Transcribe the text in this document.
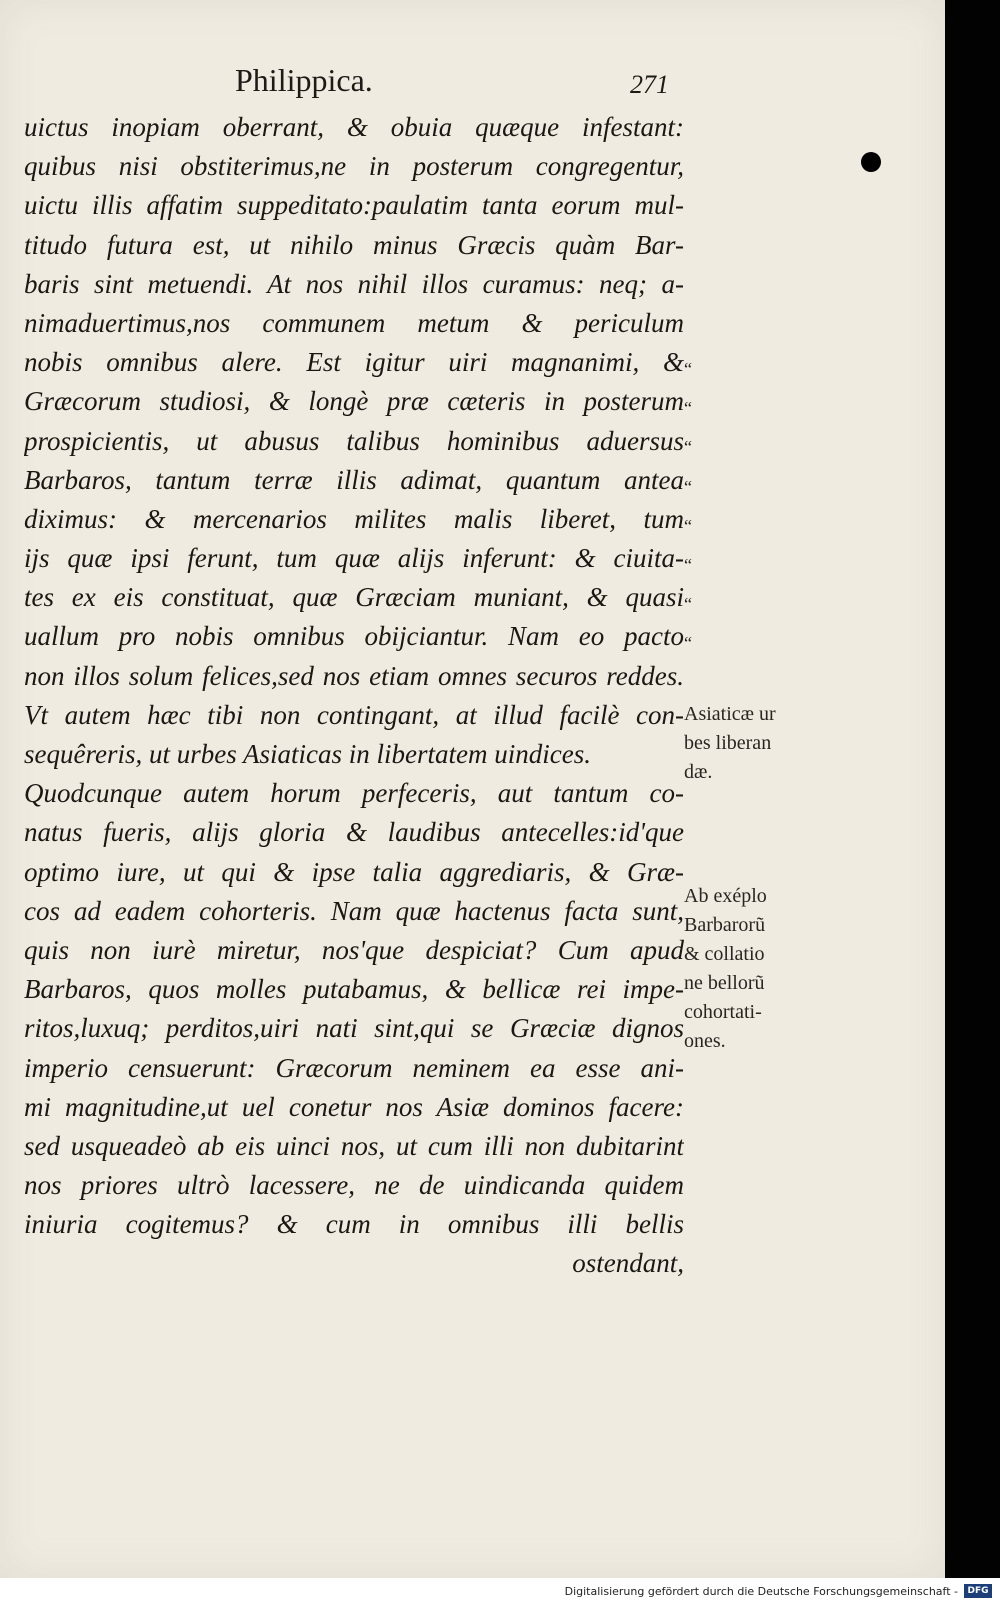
Philippica.	271
uictus inopiam oberrant, & obuia quæque infestant:
quibus nisi obstiterimus,ne in posterum congregentur,
uictu illis affatim suppeditato:paulatim tanta eorum mul-
titudo futura est, ut nihilo minus Græcis quàm Bar-
baris sint metuendi. At nos nihil illos curamus: neq; a-
nimaduertimus,nos communem metum & periculum
nobis omnibus alere. Est igitur uiri magnanimi, &
Græcorum studiosi, & longè præ cæteris in posterum
prospicientis, ut abusus talibus hominibus aduersus
Barbaros, tantum terræ illis adimat, quantum antea
diximus: & mercenarios milites malis liberet, tum
ijs quæ ipsi ferunt, tum quæ alijs inferunt: & ciuita-
tes ex eis constituat, quæ Græciam muniant, & quasi
uallum pro nobis omnibus obijciantur. Nam eo pacto
non illos solum felices,sed nos etiam omnes securos reddes.
Vt autem hæc tibi non contingant, at illud facilè con-
sequêreris, ut urbes Asiaticas in libertatem uindices.
Quodcunque autem horum perfeceris, aut tantum co-
natus fueris, alijs gloria & laudibus antecelles:id'que
optimo iure, ut qui & ipse talia aggrediaris, & Græ-
cos ad eadem cohorteris. Nam quæ hactenus facta sunt,
quis non iurè miretur, nos'que despiciat? Cum apud
Barbaros, quos molles putabamus, & bellicæ rei impe-
ritos,luxuq; perditos,uiri nati sint,qui se Græciæ dignos
imperio censuerunt: Græcorum neminem ea esse ani-
mi magnitudine,ut uel conetur nos Asiæ dominos facere:
sed usqueadeò ab eis uinci nos, ut cum illi non dubitarint
nos priores ultrò lacessere, ne de uindicanda quidem
iniuria cogitemus? & cum in omnibus illi bellis
ostendant,
“
“
“
“
“
“
“
“
Asiaticæ ur
bes liberan
dæ.
Ab exéplo
Barbarorũ
& collatio
ne bellorũ
cohortati-
ones.
Digitalisierung gefördert durch die Deutsche Forschungsgemeinschaft -	DFG
